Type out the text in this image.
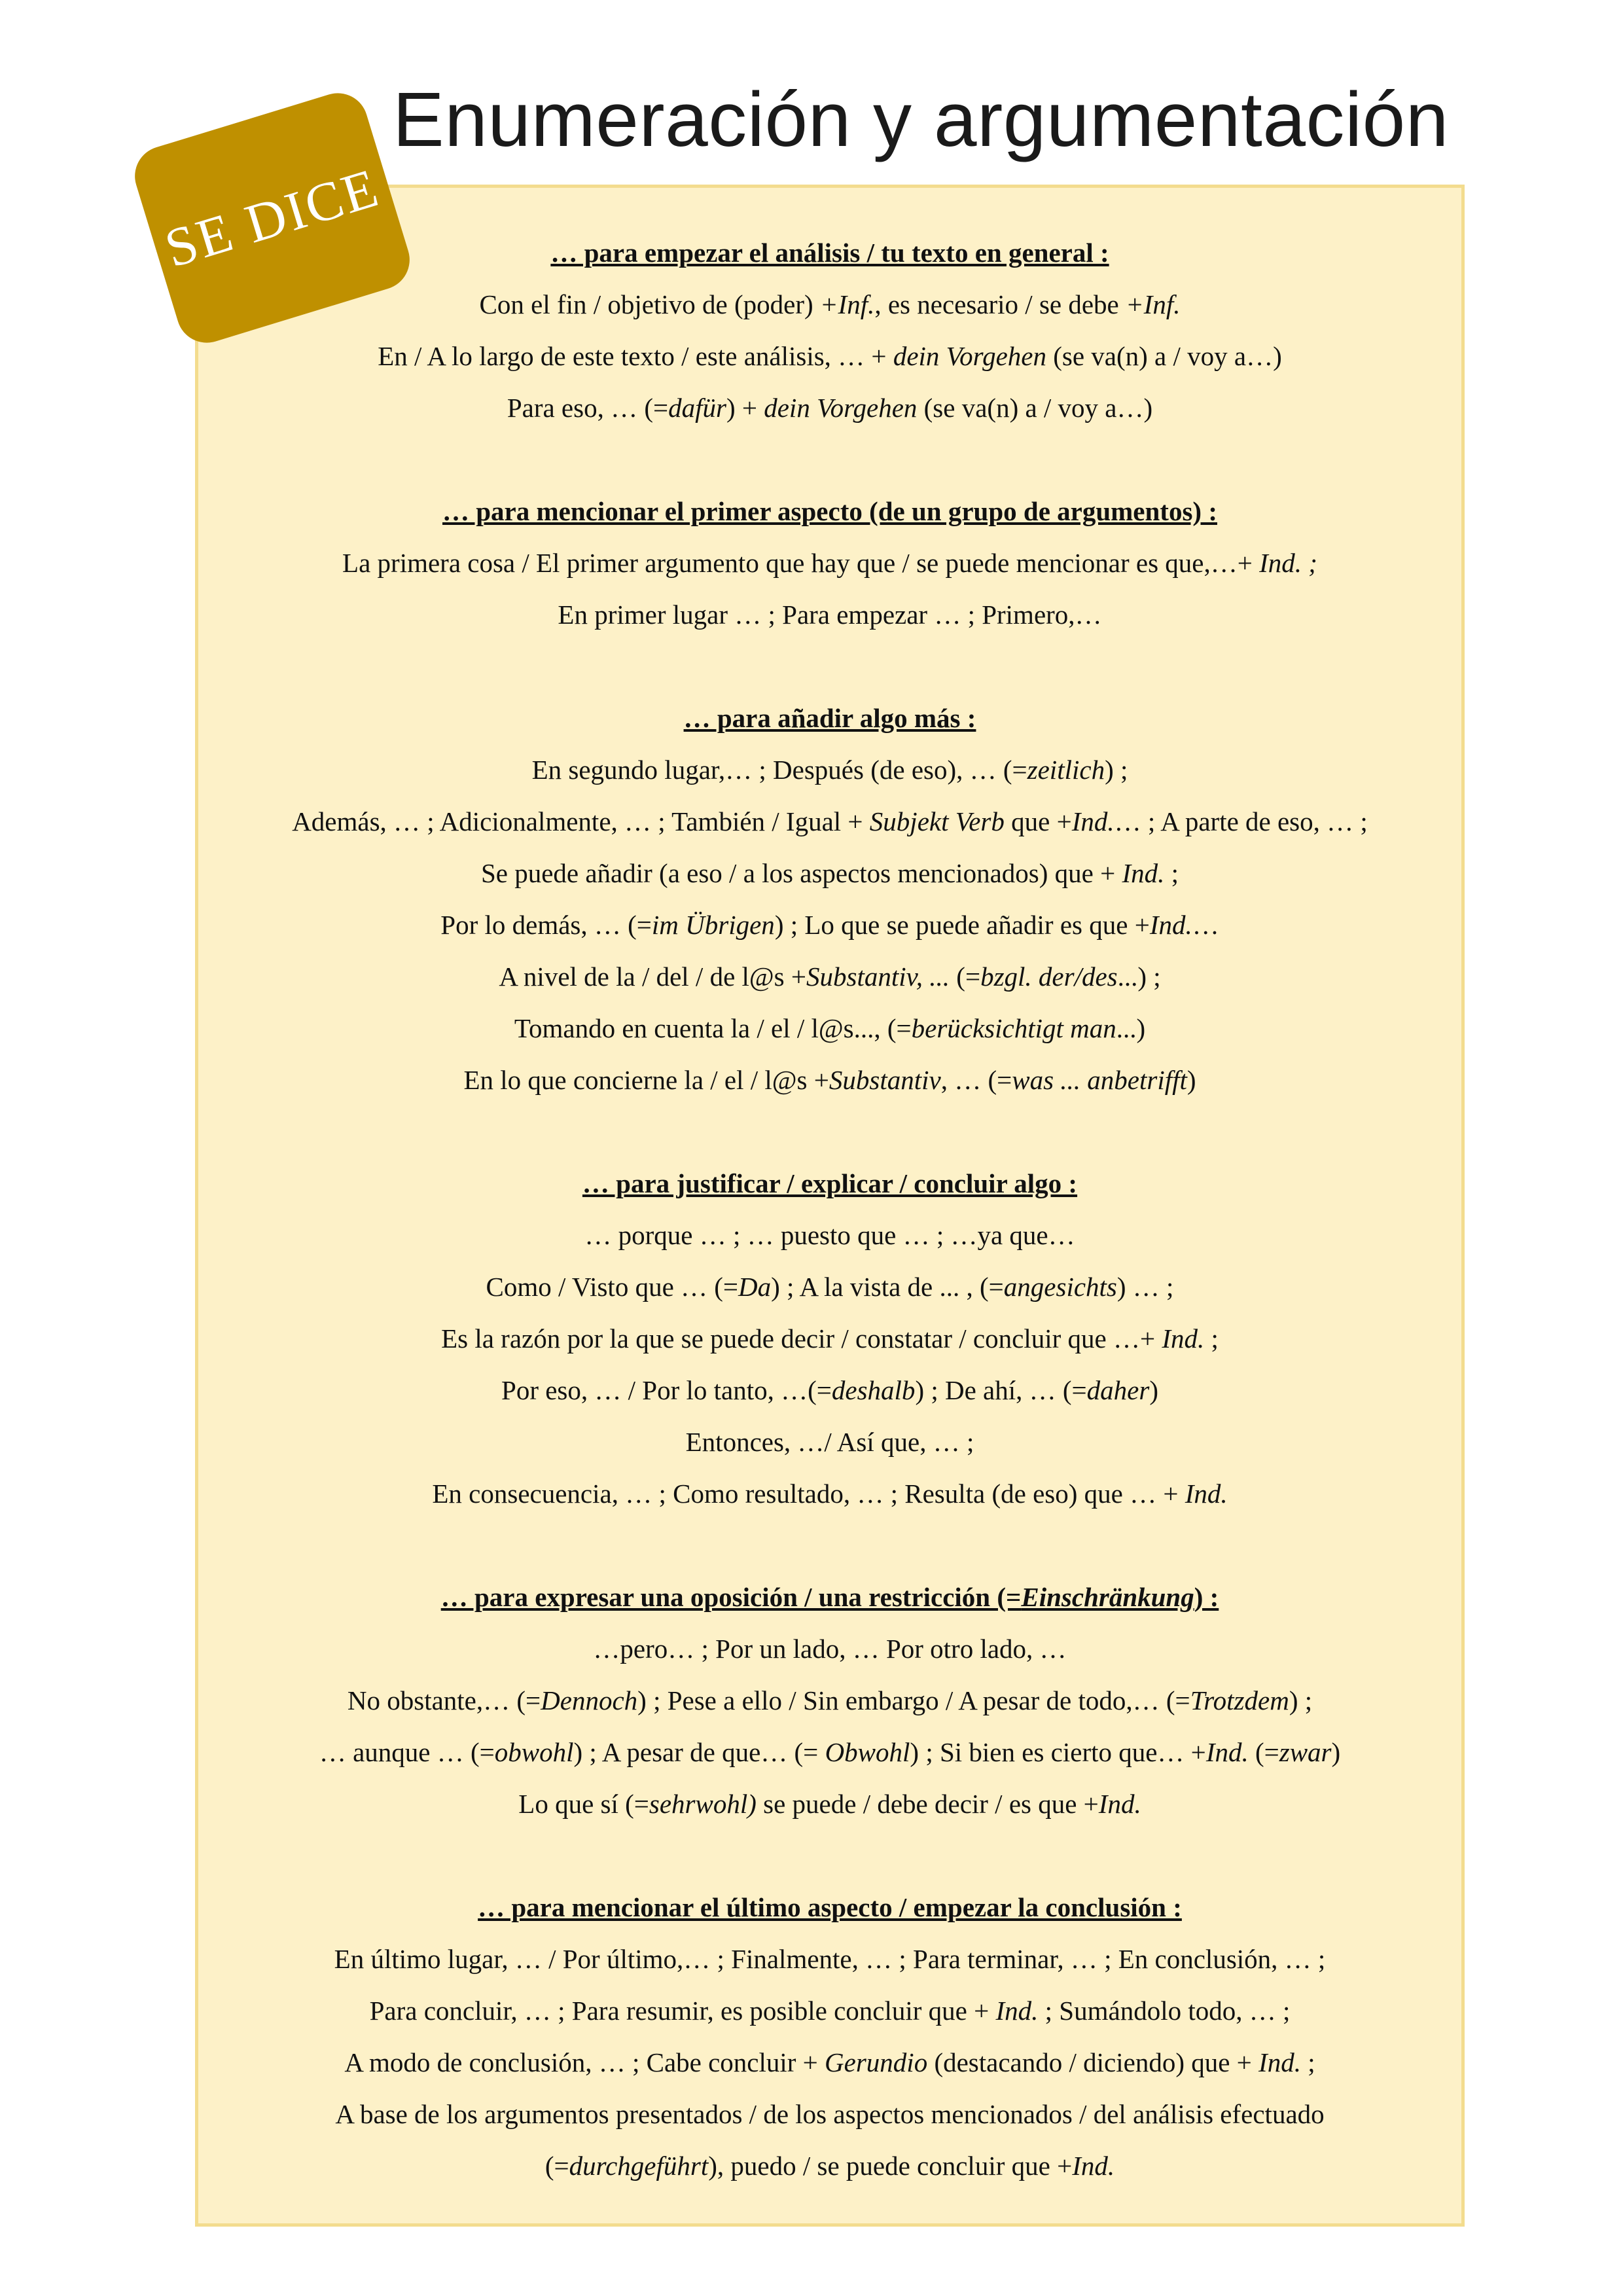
Enumeración y argumentación
SE DICE	… para empezar el análisis / tu texto en general :
Con el fin / objetivo de (poder) +Inf., es necesario / se debe +Inf.
En / A lo largo de este texto / este análisis, … + dein Vorgehen (se va(n) a / voy a…)
Para eso, … (=dafür) + dein Vorgehen (se va(n) a / voy a…)
… para mencionar el primer aspecto (de un grupo de argumentos) :
La primera cosa / El primer argumento que hay que / se puede mencionar es que,…+ Ind. ;
En primer lugar … ; Para empezar … ; Primero,…
… para añadir algo más :
En segundo lugar,… ; Después (de eso), … (=zeitlich) ;
Además, … ; Adicionalmente, … ; También / Igual + Subjekt Verb que +Ind.… ; A parte de eso, … ;
Se puede añadir (a eso / a los aspectos mencionados) que + Ind. ;
Por lo demás, … (=im Übrigen) ; Lo que se puede añadir es que +Ind.…
A nivel de la / del / de l@s +Substantiv, ... (=bzgl. der/des...) ;
Tomando en cuenta la / el / l@s..., (=berücksichtigt man...)
En lo que concierne la / el / l@s +Substantiv, … (=was ... anbetrifft)
… para justificar / explicar / concluir algo :
… porque … ; … puesto que … ; …ya que…
Como / Visto que … (=Da) ; A la vista de ... , (=angesichts) … ;
Es la razón por la que se puede decir / constatar / concluir que …+ Ind. ;
Por eso, … / Por lo tanto, …(=deshalb) ; De ahí, … (=daher)
Entonces, …/ Así que, … ;
En consecuencia, … ; Como resultado, … ; Resulta (de eso) que … + Ind.
… para expresar una oposición / una restricción (=Einschränkung) :
…pero… ; Por un lado, … Por otro lado, …
No obstante,… (=Dennoch) ; Pese a ello / Sin embargo / A pesar de todo,… (=Trotzdem) ;
… aunque … (=obwohl) ; A pesar de que… (= Obwohl) ; Si bien es cierto que… +Ind. (=zwar)
Lo que sí (=sehrwohl) se puede / debe decir / es que +Ind.
… para mencionar el último aspecto / empezar la conclusión :
En último lugar, … / Por último,… ; Finalmente, … ; Para terminar, … ; En conclusión, … ;
Para concluir, … ; Para resumir, es posible concluir que + Ind. ; Sumándolo todo, … ;
A modo de conclusión, … ; Cabe concluir + Gerundio (destacando / diciendo) que + Ind. ;
A base de los argumentos presentados / de los aspectos mencionados / del análisis efectuado
(=durchgeführt), puedo / se puede concluir que +Ind.
